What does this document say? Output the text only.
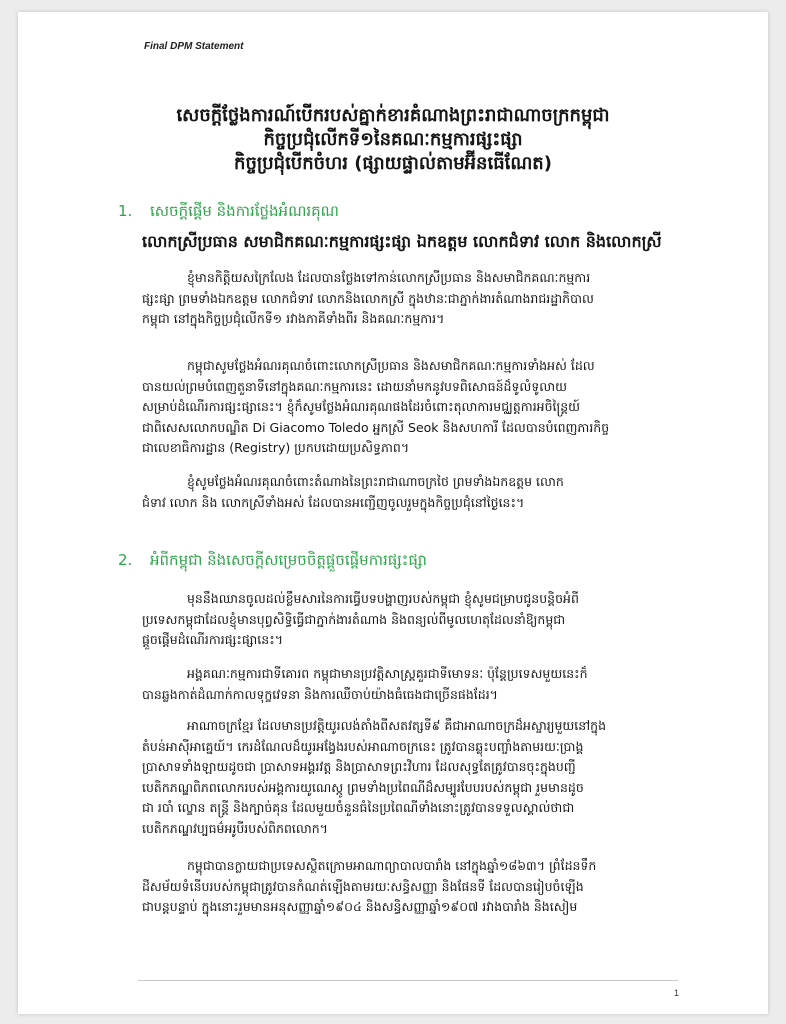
Final DPM Statement
សេចក្តីថ្លែងការណ៍បើករបស់គ្នាក់ខារគំណាងព្រះរាជាណាចក្រកម្ពុជា
កិច្ចប្រជុំលើកទី១នៃគណៈកម្មការផ្សះផ្សា
កិច្ចប្រជុំបើកចំហរ (ផ្សាយផ្ទាល់តាមអ៊ីនធើណែត)
1. សេចក្តីផ្តើម និងការថ្លែងអំណរគុណ
លោកស្រីប្រធាន សមាជិកគណៈកម្មការផ្សះផ្សា ឯកឧត្តម លោកជំទាវ លោក និងលោកស្រី
ខ្ញុំមានកិត្តិយសក្រៃលែង ដែលបានថ្លែងទៅកាន់លោកស្រីប្រធាន និងសមាជិកគណៈកម្មការ
ផ្សះផ្សា ព្រមទាំងឯកឧត្តម លោកជំទាវ លោកនិងលោកស្រី ក្នុងឋានៈជាភ្នាក់ងារតំណាងរាជរដ្ឋាភិបាល
កម្ពុជា នៅក្នុងកិច្ចប្រជុំលើកទី១ រវាងភាគីទាំងពីរ និងគណៈកម្មការ។
កម្ពុជាសូមថ្លែងអំណរគុណចំពោះលោកស្រីប្រធាន និងសមាជិកគណៈកម្មការទាំងអស់ ដែល
បានយល់ព្រមបំពេញតួនាទីនៅក្នុងគណៈកម្មការនេះ ដោយនាំមកនូវបទពិសោធន៍ដ៏ទូលំទូលាយ
សម្រាប់ដំណើរការផ្សះផ្សានេះ។ ខ្ញុំក៏សូមថ្លែងអំណរគុណផងដែរចំពោះតុលាការមជ្ឈត្តការអចិន្ត្រៃយ៍
ជាពិសេសលោកបណ្ឌិត Di Giacomo Toledo អ្នកស្រី Seok និងសហការី ដែលបានបំពេញភារកិច្ច
ជាលេខាធិការដ្ឋាន (Registry) ប្រកបដោយប្រសិទ្ធភាព។
ខ្ញុំសូមថ្លែងអំណរគុណចំពោះតំណាងនៃព្រះរាជាណាចក្រថៃ ព្រមទាំងឯកឧត្តម លោក
ជំទាវ លោក និង លោកស្រីទាំងអស់ ដែលបានអញ្ជើញចូលរួមក្នុងកិច្ចប្រជុំនៅថ្ងៃនេះ។
2. អំពីកម្ពុជា និងសេចក្តីសម្រេចចិត្តផ្តួចផ្តើមការផ្សះផ្សា
មុននឹងឈានចូលដល់ខ្លឹមសារនៃការធ្វើបទបង្ហាញរបស់កម្ពុជា ខ្ញុំសូមជម្រាបជូនបន្តិចអំពី
ប្រទេសកម្ពុជាដែលខ្ញុំមានបុព្វសិទ្ធិធ្វើជាភ្នាក់ងារតំណាង និងពន្យល់ពីមូលហេតុដែលនាំឱ្យកម្ពុជា
ផ្តួចផ្តើមដំណើរការផ្សះផ្សានេះ។
អង្គគណៈកម្មការជាទីគោរព កម្ពុជាមានប្រវត្តិសាស្ត្រគួរជាទីមោទនៈ ប៉ុន្តែប្រទេសមួយនេះក៏
បានឆ្លងកាត់ដំណាក់កាលទុក្ខវេទនា និងការឈឺចាប់យ៉ាងធំធេងជាច្រើនផងដែរ។
អាណាចក្រខ្មែរ ដែលមានប្រវត្តិយូរលង់តាំងពីសតវត្សទី៩ គឺជាអាណាចក្រដ៏អស្ចារ្យមួយនៅក្នុង
តំបន់អាស៊ីអាគ្នេយ៍។ កេរដំណែលដ៏យូរអង្វែងរបស់អាណាចក្រនេះ ត្រូវបានឆ្លុះបញ្ចាំងតាមរយៈប្រាង្គ
ប្រាសាទទាំងឡាយដូចជា ប្រាសាទអង្គរវត្ត និងប្រាសាទព្រះវិហារ ដែលសុទ្ធតែត្រូវបានចុះក្នុងបញ្ជី
បេតិកភណ្ឌពិភពលោករបស់អង្គការយូណេស្កូ ព្រមទាំងប្រពៃណីដ៏សម្បូរបែបរបស់កម្ពុជា រួមមានដូច
ជា របាំ ល្ខោន តន្ត្រី និងក្បាច់គុន ដែលមួយចំនួនធំនៃប្រពៃណីទាំងនោះត្រូវបានទទួលស្គាល់ថាជា
បេតិកភណ្ឌវប្បធម៌អរូបីរបស់ពិភពលោក។
កម្ពុជាបានក្លាយជាប្រទេសស្ថិតក្រោមអាណាព្យាបាលបារាំង នៅក្នុងឆ្នាំ១៨៦៣។ ព្រំដែនទឹក
ដីសម័យទំនើបរបស់កម្ពុជាត្រូវបានកំណត់ឡើងតាមរយៈសន្ធិសញ្ញា និងផែនទី ដែលបានរៀបចំឡើង
ជាបន្តបន្ទាប់ ក្នុងនោះរួមមានអនុសញ្ញាឆ្នាំ១៩០៤ និងសន្ធិសញ្ញាឆ្នាំ១៩០៧ រវាងបារាំង និងសៀម
1
